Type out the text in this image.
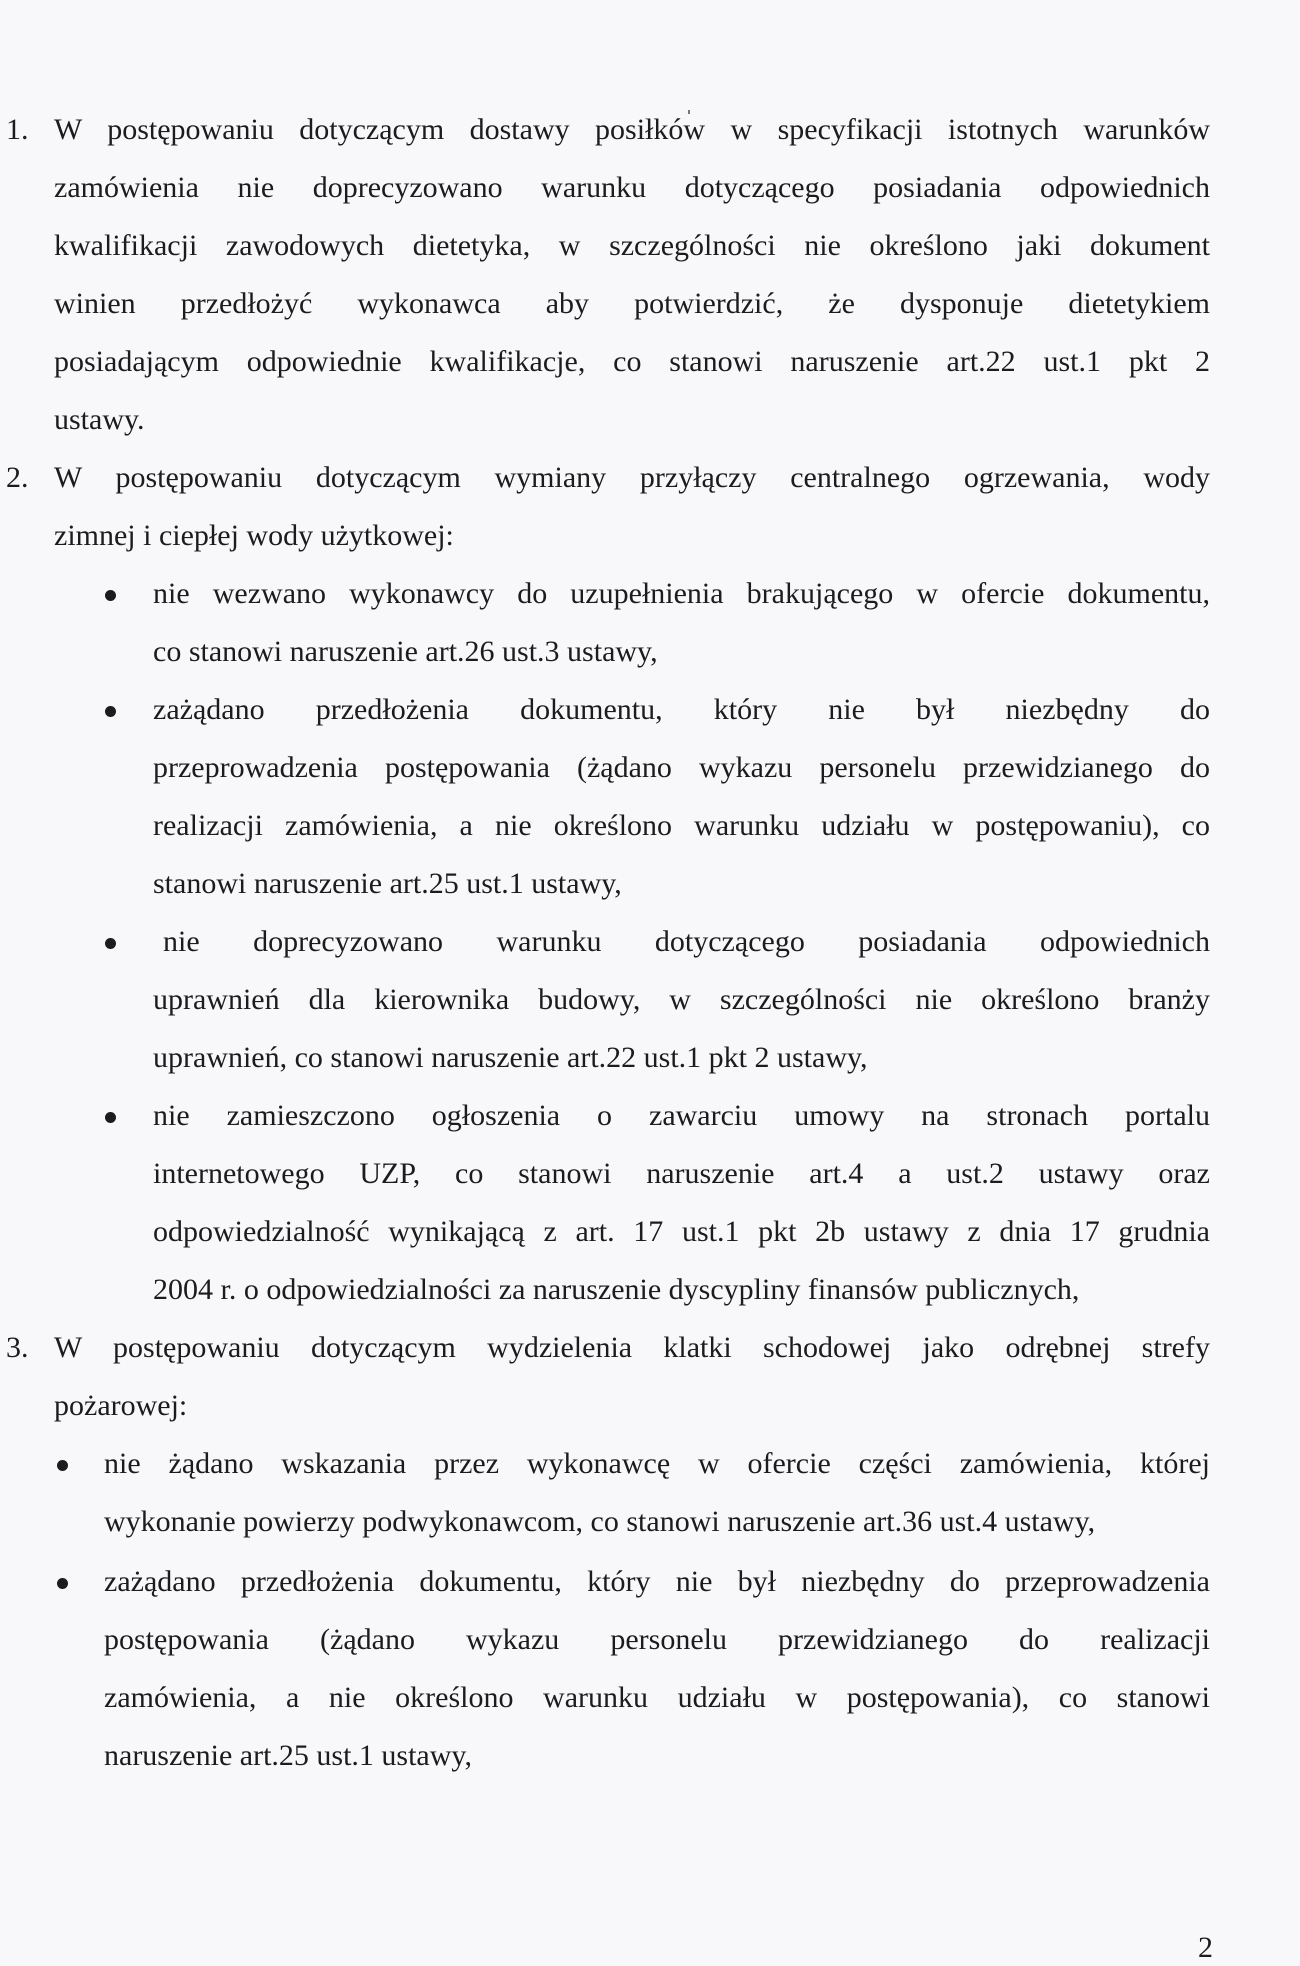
1. W postępowaniu dotyczącym dostawy posiłków w specyfikacji istotnych warunków
zamówienia nie doprecyzowano warunku dotyczącego posiadania odpowiednich
kwalifikacji zawodowych dietetyka, w szczególności nie określono jaki dokument
winien przedłożyć wykonawca aby potwierdzić, że dysponuje dietetykiem
posiadającym odpowiednie kwalifikacje, co stanowi naruszenie art.22 ust.1 pkt 2
ustawy.
2. W postępowaniu dotyczącym wymiany przyłączy centralnego ogrzewania, wody
zimnej i ciepłej wody użytkowej:
nie wezwano wykonawcy do uzupełnienia brakującego w ofercie dokumentu,
co stanowi naruszenie art.26 ust.3 ustawy,
zażądano przedłożenia dokumentu, który nie był niezbędny do
przeprowadzenia postępowania (żądano wykazu personelu przewidzianego do
realizacji zamówienia, a nie określono warunku udziału w postępowaniu), co
stanowi naruszenie art.25 ust.1 ustawy,
nie doprecyzowano warunku dotyczącego posiadania odpowiednich
uprawnień dla kierownika budowy, w szczególności nie określono branży
uprawnień, co stanowi naruszenie art.22 ust.1 pkt 2 ustawy,
nie zamieszczono ogłoszenia o zawarciu umowy na stronach portalu
internetowego UZP, co stanowi naruszenie art.4 a ust.2 ustawy oraz
odpowiedzialność wynikającą z art. 17 ust.1 pkt 2b ustawy z dnia 17 grudnia
2004 r. o odpowiedzialności za naruszenie dyscypliny finansów publicznych,
3. W postępowaniu dotyczącym wydzielenia klatki schodowej jako odrębnej strefy
pożarowej:
nie żądano wskazania przez wykonawcę w ofercie części zamówienia, której
wykonanie powierzy podwykonawcom, co stanowi naruszenie art.36 ust.4 ustawy,
zażądano przedłożenia dokumentu, który nie był niezbędny do przeprowadzenia
postępowania (żądano wykazu personelu przewidzianego do realizacji
zamówienia, a nie określono warunku udziału w postępowania), co stanowi
naruszenie art.25 ust.1 ustawy,
2
